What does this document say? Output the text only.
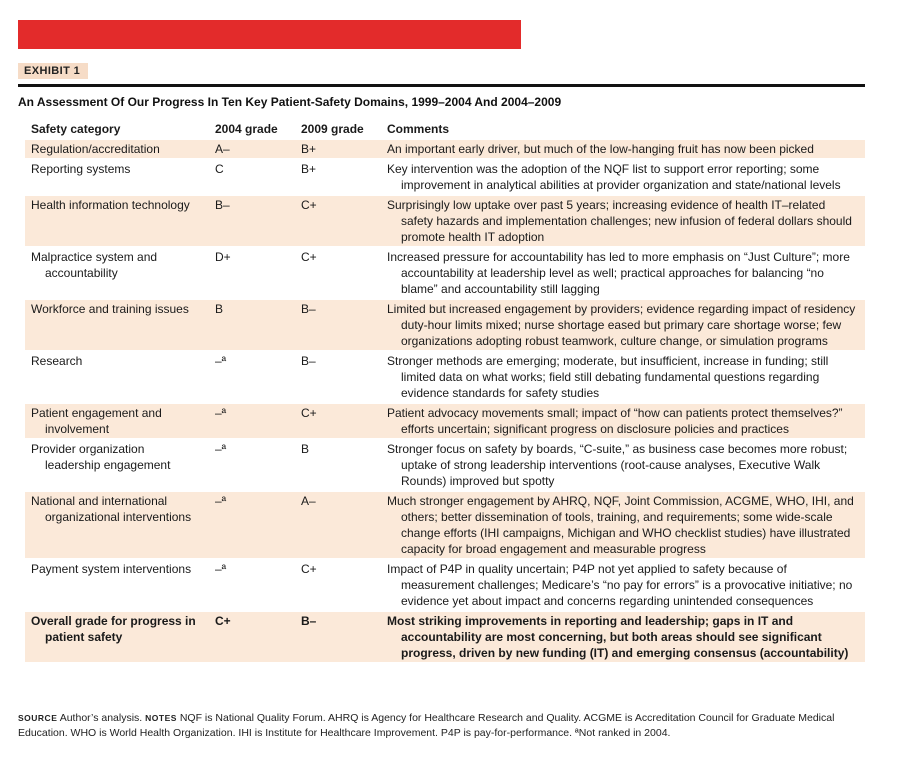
EXHIBIT 1
An Assessment Of Our Progress In Ten Key Patient-Safety Domains, 1999–2004 And 2004–2009
Safety category	2004 grade	2009 grade	Comments

Regulation/accreditation	A–	B+	An important early driver, but much of the low-hanging fruit has now been picked

Reporting systems	C	B+	Key intervention was the adoption of the NQF list to support error reporting; some improvement in analytical abilities at provider organization and state/national levels

Health information technology	B–	C+	Surprisingly low uptake over past 5 years; increasing evidence of health IT–related safety hazards and implementation challenges; new infusion of federal dollars should promote health IT adoption

Malpractice system and accountability	D+	C+	Increased pressure for accountability has led to more emphasis on “Just Culture”; more accountability at leadership level as well; practical approaches for balancing “no blame” and accountability still lagging

Workforce and training issues	B	B–	Limited but increased engagement by providers; evidence regarding impact of residency duty-hour limits mixed; nurse shortage eased but primary care shortage worse; few organizations adopting robust teamwork, culture change, or simulation programs

Research	–ª	B–	Stronger methods are emerging; moderate, but insufficient, increase in funding; still limited data on what works; field still debating fundamental questions regarding evidence standards for safety studies

Patient engagement and involvement	–ª	C+	Patient advocacy movements small; impact of “how can patients protect themselves?” efforts uncertain; significant progress on disclosure policies and practices

Provider organization leadership engagement	–ª	B	Stronger focus on safety by boards, “C-suite,” as business case becomes more robust; uptake of strong leadership interventions (root-cause analyses, Executive Walk Rounds) improved but spotty

National and international organizational interventions	–ª	A–	Much stronger engagement by AHRQ, NQF, Joint Commission, ACGME, WHO, IHI, and others; better dissemination of tools, training, and requirements; some wide-scale change efforts (IHI campaigns, Michigan and WHO checklist studies) have illustrated capacity for broad engagement and measurable progress

Payment system interventions	–ª	C+	Impact of P4P in quality uncertain; P4P not yet applied to safety because of measurement challenges; Medicare’s “no pay for errors” is a provocative initiative; no evidence yet about impact and concerns regarding unintended consequences

Overall grade for progress in patient safety	C+	B–	Most striking improvements in reporting and leadership; gaps in IT and accountability are most concerning, but both areas should see significant progress, driven by new funding (IT) and emerging consensus (accountability)
SOURCE Author’s analysis. NOTES NQF is National Quality Forum. AHRQ is Agency for Healthcare Research and Quality. ACGME is Accreditation Council for Graduate Medical Education. WHO is World Health Organization. IHI is Institute for Healthcare Improvement. P4P is pay-for-performance. ªNot ranked in 2004.
